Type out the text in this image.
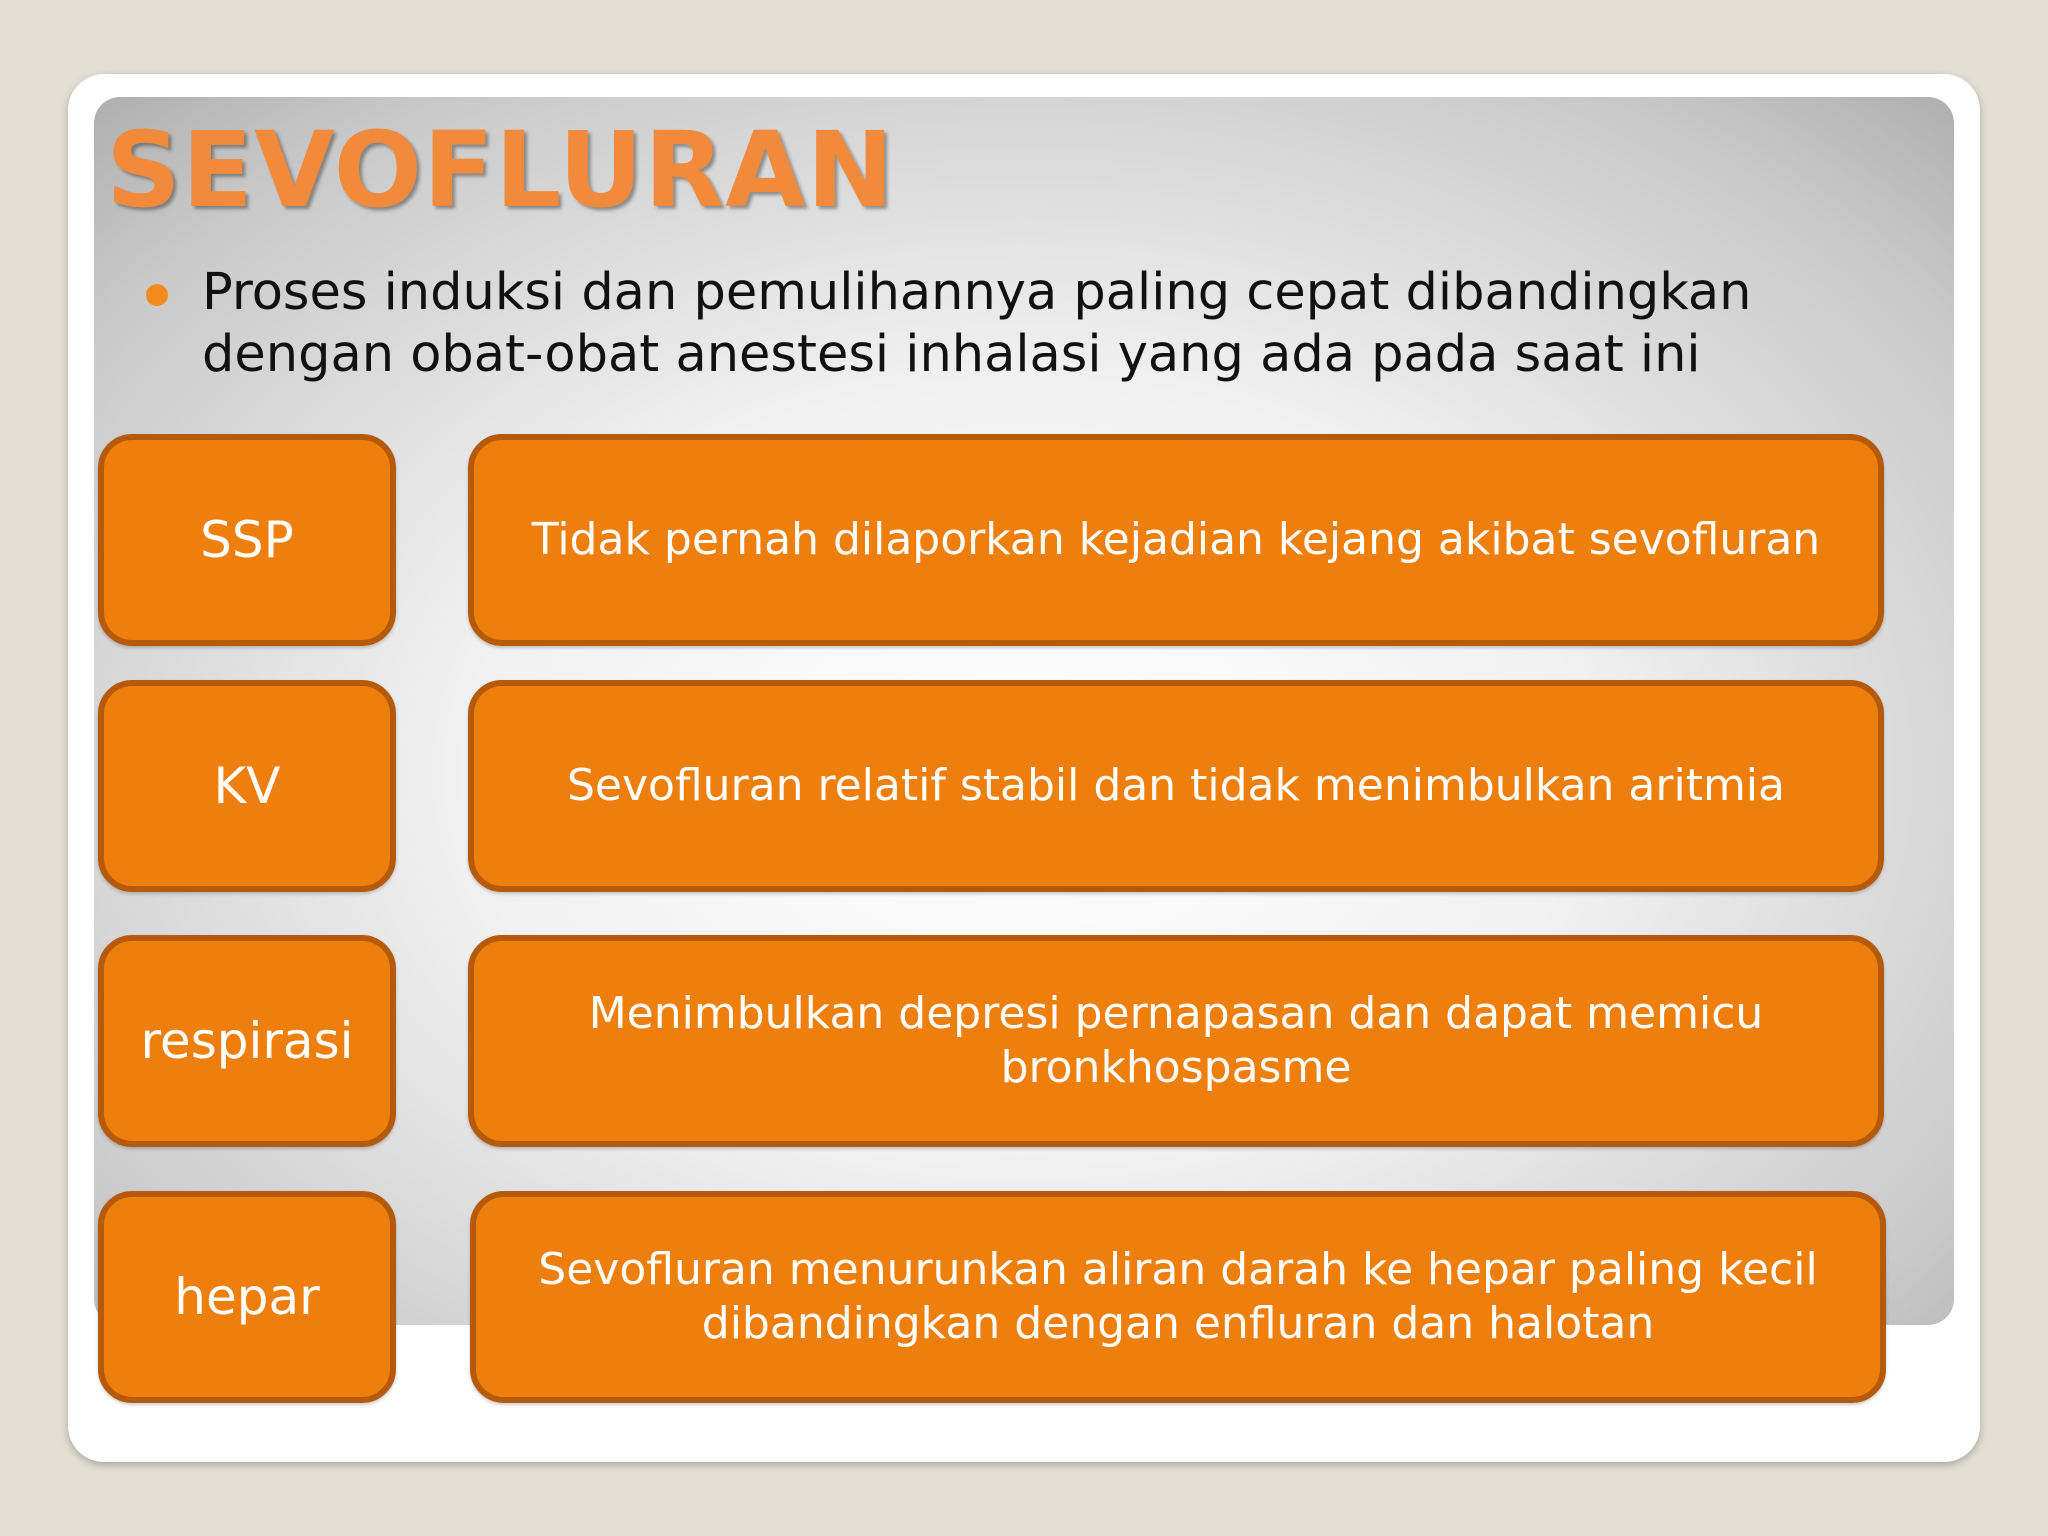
SEVOFLURAN

Proses induksi dan pemulihannya paling cepat dibandingkan dengan obat-obat anestesi inhalasi yang ada pada saat ini

SSP	Tidak pernah dilaporkan kejadian kejang akibat sevofluran
KV	Sevofluran relatif stabil dan tidak menimbulkan aritmia
respirasi	Menimbulkan depresi pernapasan dan dapat memicu bronkhospasme
hepar	Sevofluran menurunkan aliran darah ke hepar paling kecil dibandingkan dengan enfluran dan halotan
